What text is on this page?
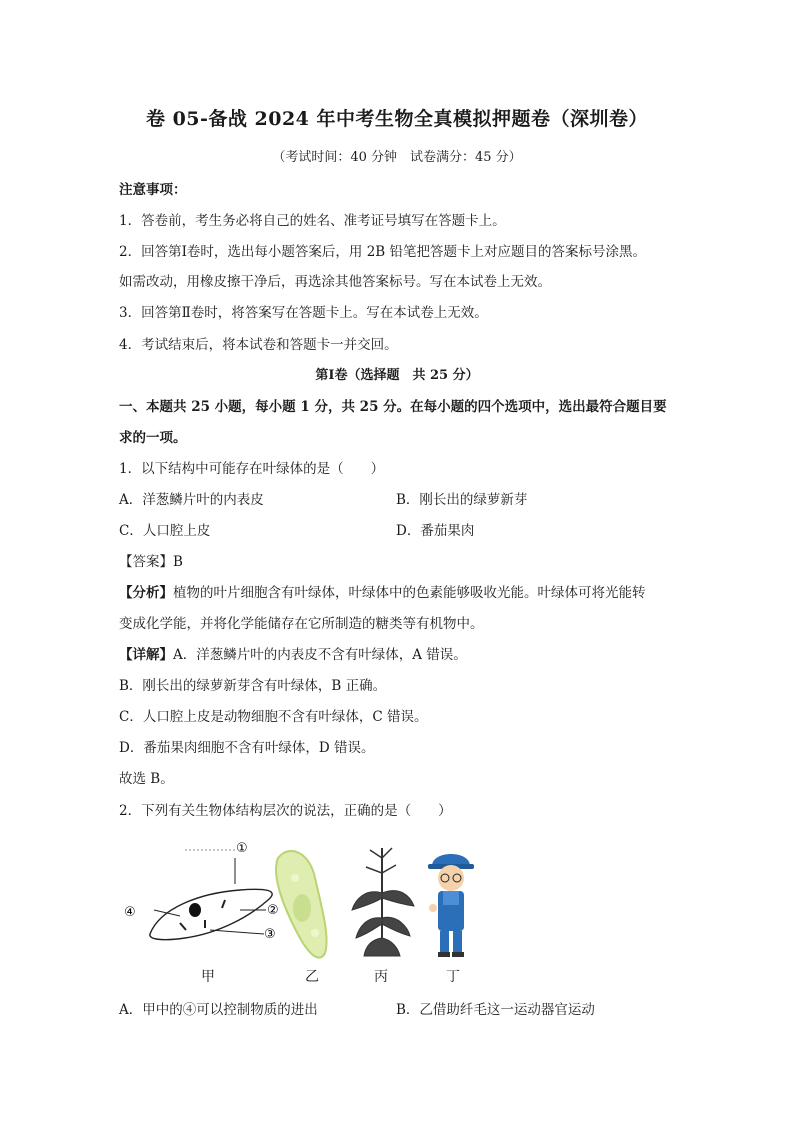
卷 05-备战 2024 年中考生物全真模拟押题卷（深圳卷）
（考试时间：40 分钟　试卷满分：45 分）
注意事项：
1．答卷前，考生务必将自己的姓名、准考证号填写在答题卡上。
2．回答第Ⅰ卷时，选出每小题答案后，用 2B 铅笔把答题卡上对应题目的答案标号涂黑。
如需改动，用橡皮擦干净后，再选涂其他答案标号。写在本试卷上无效。
3．回答第Ⅱ卷时，将答案写在答题卡上。写在本试卷上无效。
4．考试结束后，将本试卷和答题卡一并交回。
第Ⅰ卷（选择题　共 25 分）
一、本题共 25 小题，每小题 1 分，共 25 分。在每小题的四个选项中，选出最符合题目要
求的一项。
1．以下结构中可能存在叶绿体的是（　　）
A．洋葱鳞片叶的内表皮	B．刚长出的绿萝新芽
C．人口腔上皮	D．番茄果肉
【答案】B
【分析】植物的叶片细胞含有叶绿体，叶绿体中的色素能够吸收光能。叶绿体可将光能转
变成化学能，并将化学能储存在它所制造的糖类等有机物中。
【详解】A．洋葱鳞片叶的内表皮不含有叶绿体，A 错误。
B．刚长出的绿萝新芽含有叶绿体，B 正确。
C．人口腔上皮是动物细胞不含有叶绿体，C 错误。
D．番茄果肉细胞不含有叶绿体，D 错误。
故选 B。
2．下列有关生物体结构层次的说法，正确的是（　　）
①
②
③
④
甲	乙	丙	丁
A．甲中的④可以控制物质的进出	B．乙借助纤毛这一运动器官运动
